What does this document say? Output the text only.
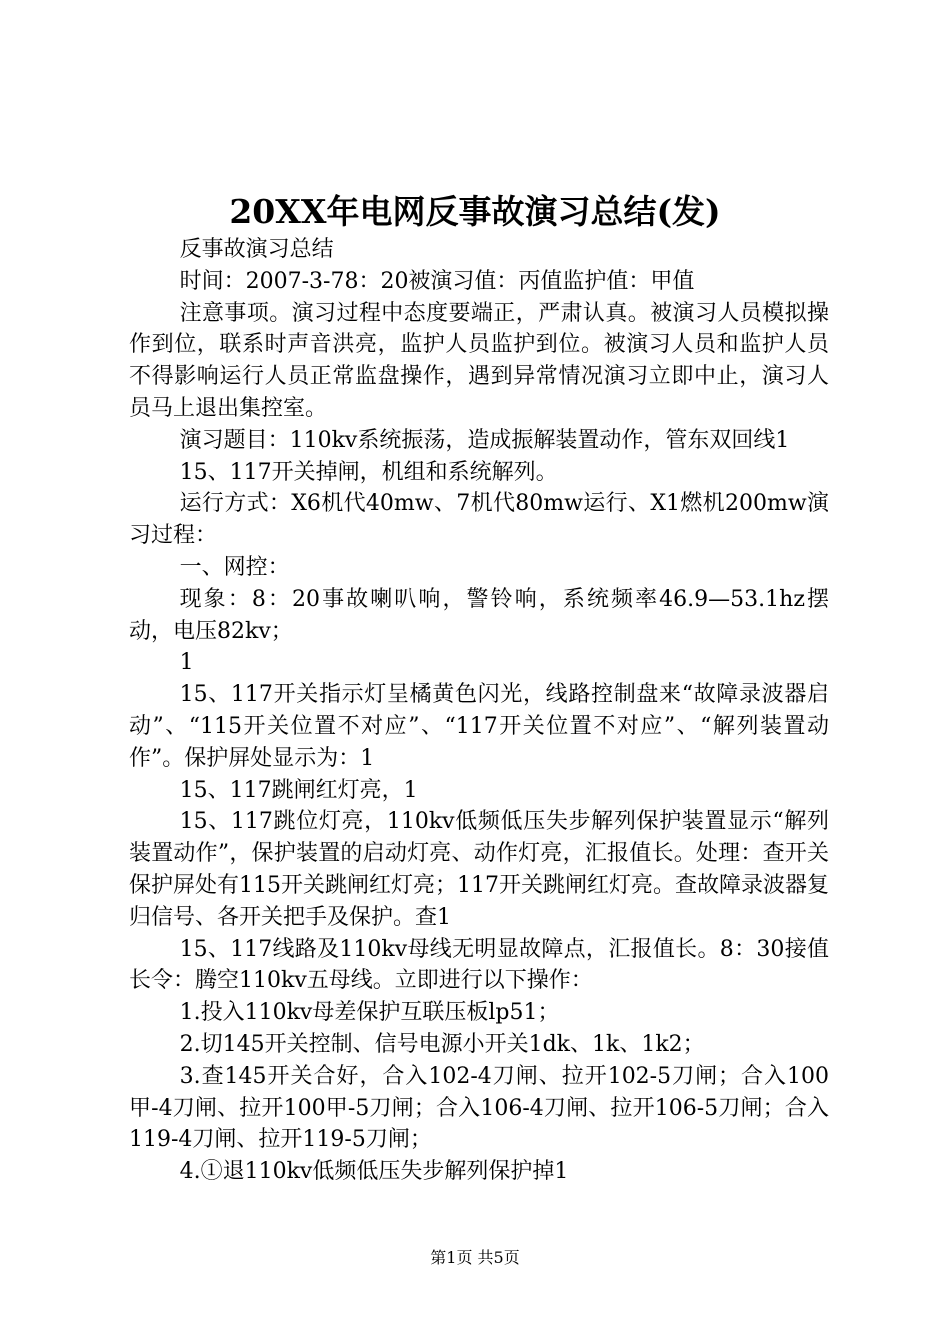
20XX年电网反事故演习总结(发)

反事故演习总结

时间：2007-3-78：20被演习值：丙值监护值：甲值

注意事项。演习过程中态度要端正，严肃认真。被演习人员模拟操作到位，联系时声音洪亮，监护人员监护到位。被演习人员和监护人员不得影响运行人员正常监盘操作，遇到异常情况演习立即中止，演习人员马上退出集控室。

演习题目：110kv系统振荡，造成振解装置动作，管东双回线1

15、117开关掉闸，机组和系统解列。

运行方式：X6机代40mw、7机代80mw运行、X1燃机200mw演习过程：

一、网控：

现象：8：20事故喇叭响，警铃响，系统频率46.9—53.1hz摆动，电压82kv；

1

15、117开关指示灯呈橘黄色闪光，线路控制盘来“故障录波器启动”、“115开关位置不对应”、“117开关位置不对应”、“解列装置动作”。保护屏处显示为：1

15、117跳闸红灯亮，1

15、117跳位灯亮，110kv低频低压失步解列保护装置显示“解列装置动作”，保护装置的启动灯亮、动作灯亮，汇报值长。处理：查开关保护屏处有115开关跳闸红灯亮；117开关跳闸红灯亮。查故障录波器复归信号、各开关把手及保护。查1

15、117线路及110kv母线无明显故障点，汇报值长。8：30接值长令：腾空110kv五母线。立即进行以下操作：

1.投入110kv母差保护互联压板lp51；

2.切145开关控制、信号电源小开关1dk、1k、1k2；

3.查145开关合好，合入102-4刀闸、拉开102-5刀闸；合入100甲-4刀闸、拉开100甲-5刀闸；合入106-4刀闸、拉开106-5刀闸；合入119-4刀闸、拉开119-5刀闸；

4.①退110kv低频低压失步解列保护掉1

第1页 共5页
